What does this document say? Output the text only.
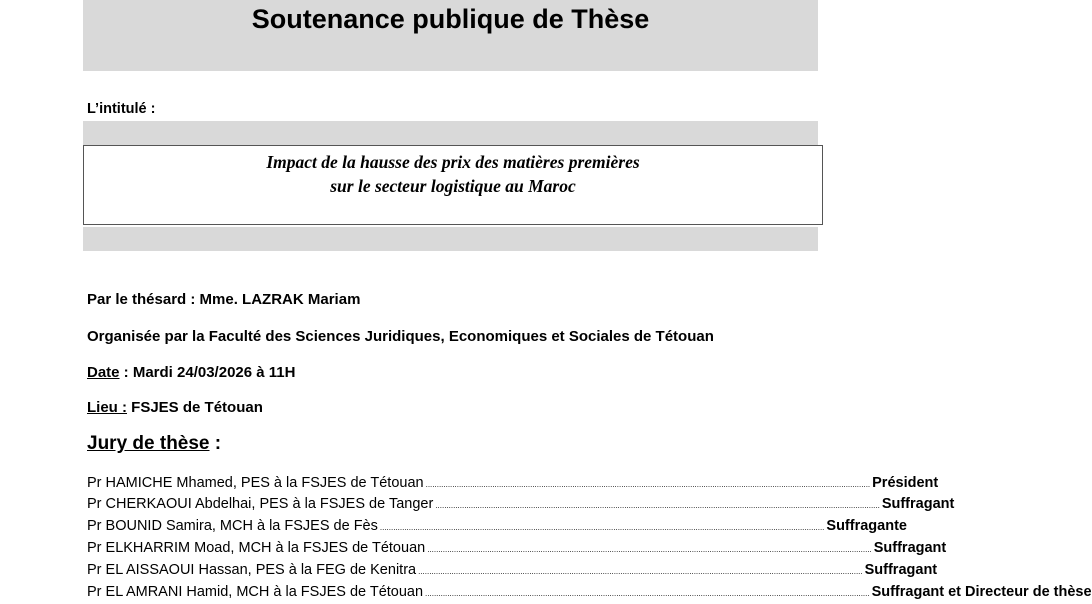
Soutenance publique de Thèse
L’intitulé :
Impact de la hausse des prix des matières premières
sur le secteur logistique au Maroc
Par le thésard : Mme. LAZRAK Mariam
Organisée par la Faculté des Sciences Juridiques, Economiques et Sociales de Tétouan
Date : Mardi 24/03/2026 à 11H
Lieu : FSJES de Tétouan
Jury de thèse :
Pr HAMICHE Mhamed, PES à la FSJES de Tétouan ........................................................................................................................................................................................................ Président
Pr CHERKAOUI Abdelhai, PES à la FSJES de Tanger ........................................................................................................................................................................................................ Suffragant
Pr BOUNID Samira, MCH à la FSJES de Fès ........................................................................................................................................................................................................ Suffragante
Pr ELKHARRIM Moad, MCH à la FSJES de Tétouan ........................................................................................................................................................................................................ Suffragant
Pr EL AISSAOUI Hassan, PES à la FEG de Kenitra ........................................................................................................................................................................................................ Suffragant
Pr EL AMRANI Hamid, MCH à la FSJES de Tétouan ........................................................................................................................................................................................................ Suffragant et Directeur de thèse
